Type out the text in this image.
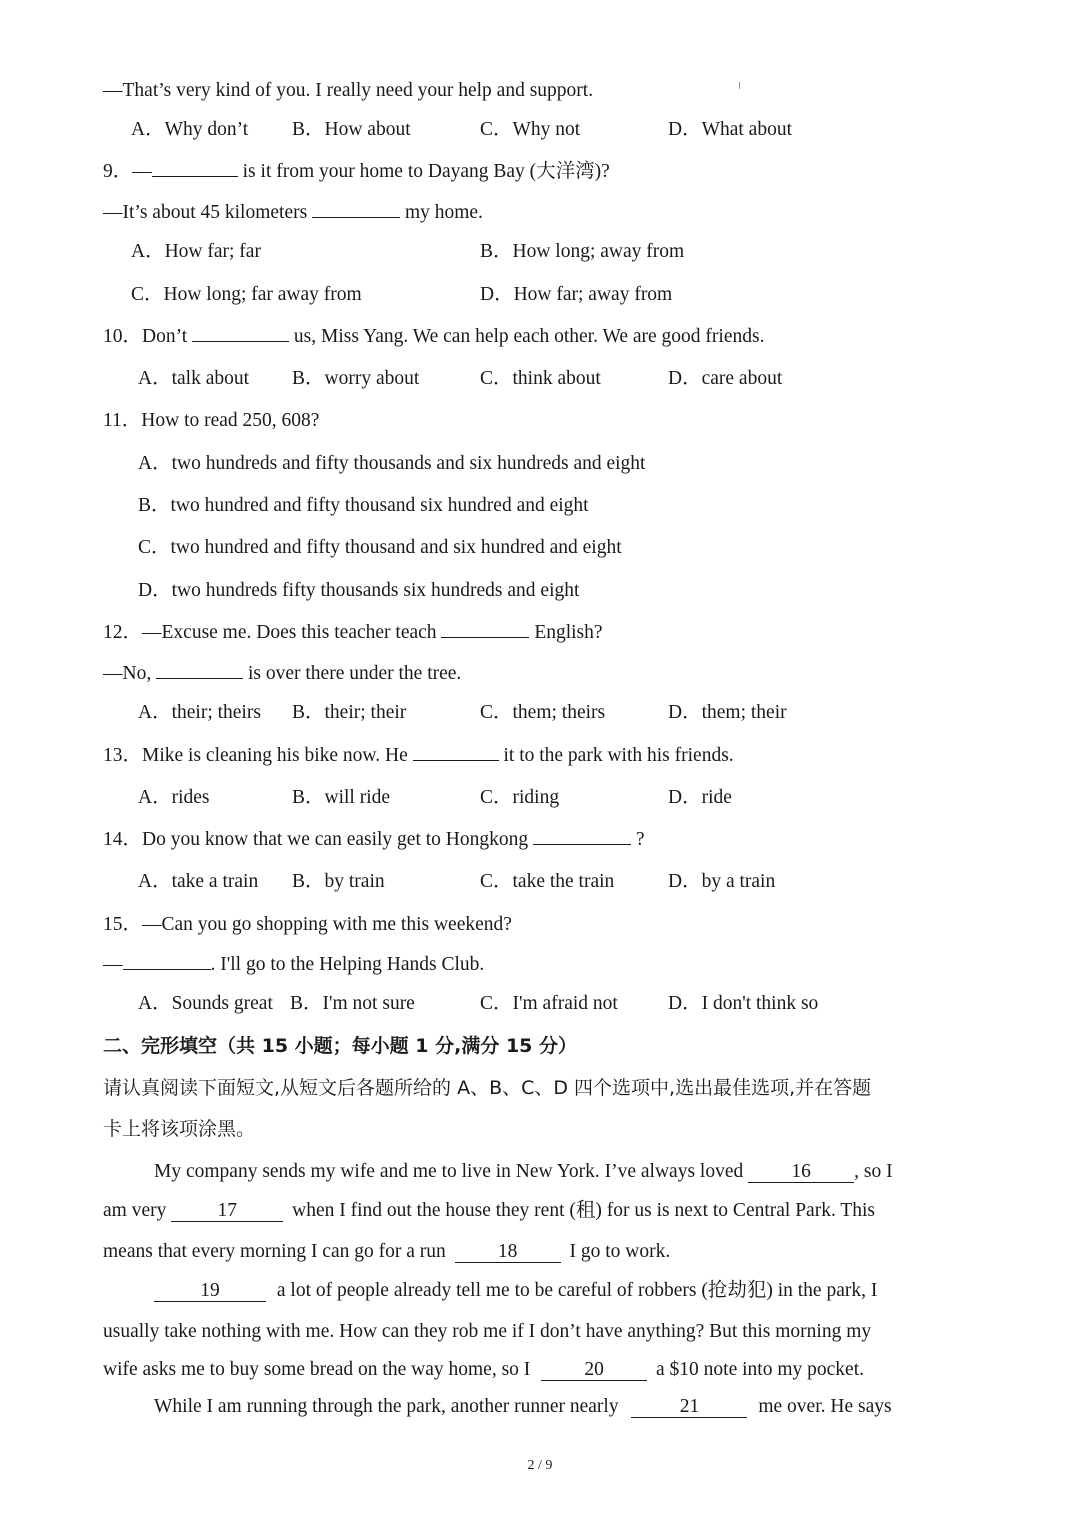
—That’s very kind of you. I really need your help and support.
A．Why don’t B．How about	C．Why not	D．What about
9．—	is it from your home to Dayang Bay (大洋湾)?
—It’s about 45 kilometers	my home.
A．How far; far	B．How long; away from
C．How long; far away from	D．How far; away from
10．Don’t	us, Miss Yang. We can help each other. We are good friends.
A．talk about B．worry about	C．think about	D．care about
11．How to read 250, 608?
A．two hundreds and fifty thousands and six hundreds and eight
B．two hundred and fifty thousand six hundred and eight
C．two hundred and fifty thousand and six hundred and eight
D．two hundreds fifty thousands six hundreds and eight
12．—Excuse me. Does this teacher teach	English?
—No,	is over there under the tree.
A．their; theirs B．their; their	C．them; theirs	D．them; their
13．Mike is cleaning his bike now. He	it to the park with his friends.
A．rides	B．will ride	C．riding	D．ride
14．Do you know that we can easily get to Hongkong	?
A．take a train B．by train	C．take the train	D．by a train
15．—Can you go shopping with me this weekend?
—	. I'll go to the Helping Hands Club.
A．Sounds great B．I'm not sure	C．I'm afraid not	D．I don't think so
二、完形填空（共 15 小题；每小题 1 分,满分 15 分）
请认真阅读下面短文,从短文后各题所给的 A、B、C、D 四个选项中,选出最佳选项,并在答题
卡上将该项涂黑。
My company sends my wife and me to live in New York. I’ve always loved 16 , so I
am very 17	when I find out the house they rent (租) for us is next to Central Park. This
means that every morning I can go for a run 18 I go to work.
19	a lot of people already tell me to be careful of robbers (抢劫犯) in the park, I
usually take nothing with me. How can they rob me if I don’t have anything? But this morning my
wife asks me to buy some bread on the way home, so I	20 a $10 note into my pocket.
While I am running through the park, another runner nearly	21	me over. He says
2 / 9
